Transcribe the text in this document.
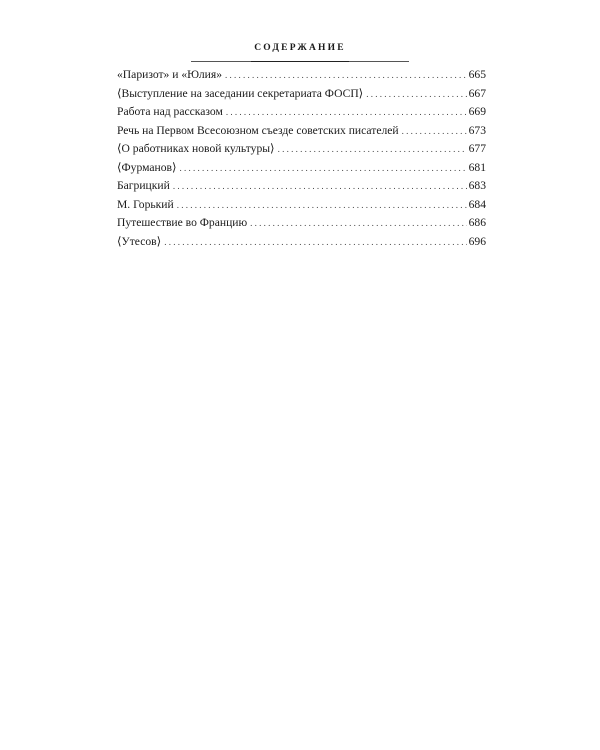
СОДЕРЖАНИЕ
«Паризот» и «Юлия» . . .	665
⟨Выступление на заседании секретариата ФОСП⟩ . . .	667
Работа над рассказом . . .	669
Речь на Первом Всесоюзном съезде советских писателей . . .	673
⟨О работниках новой культуры⟩ . . .	677
⟨Фурманов⟩ . . .	681
Багрицкий . . .	683
М. Горький . . .	684
Путешествие во Францию . . .	686
⟨Утесов⟩ . . .	696
